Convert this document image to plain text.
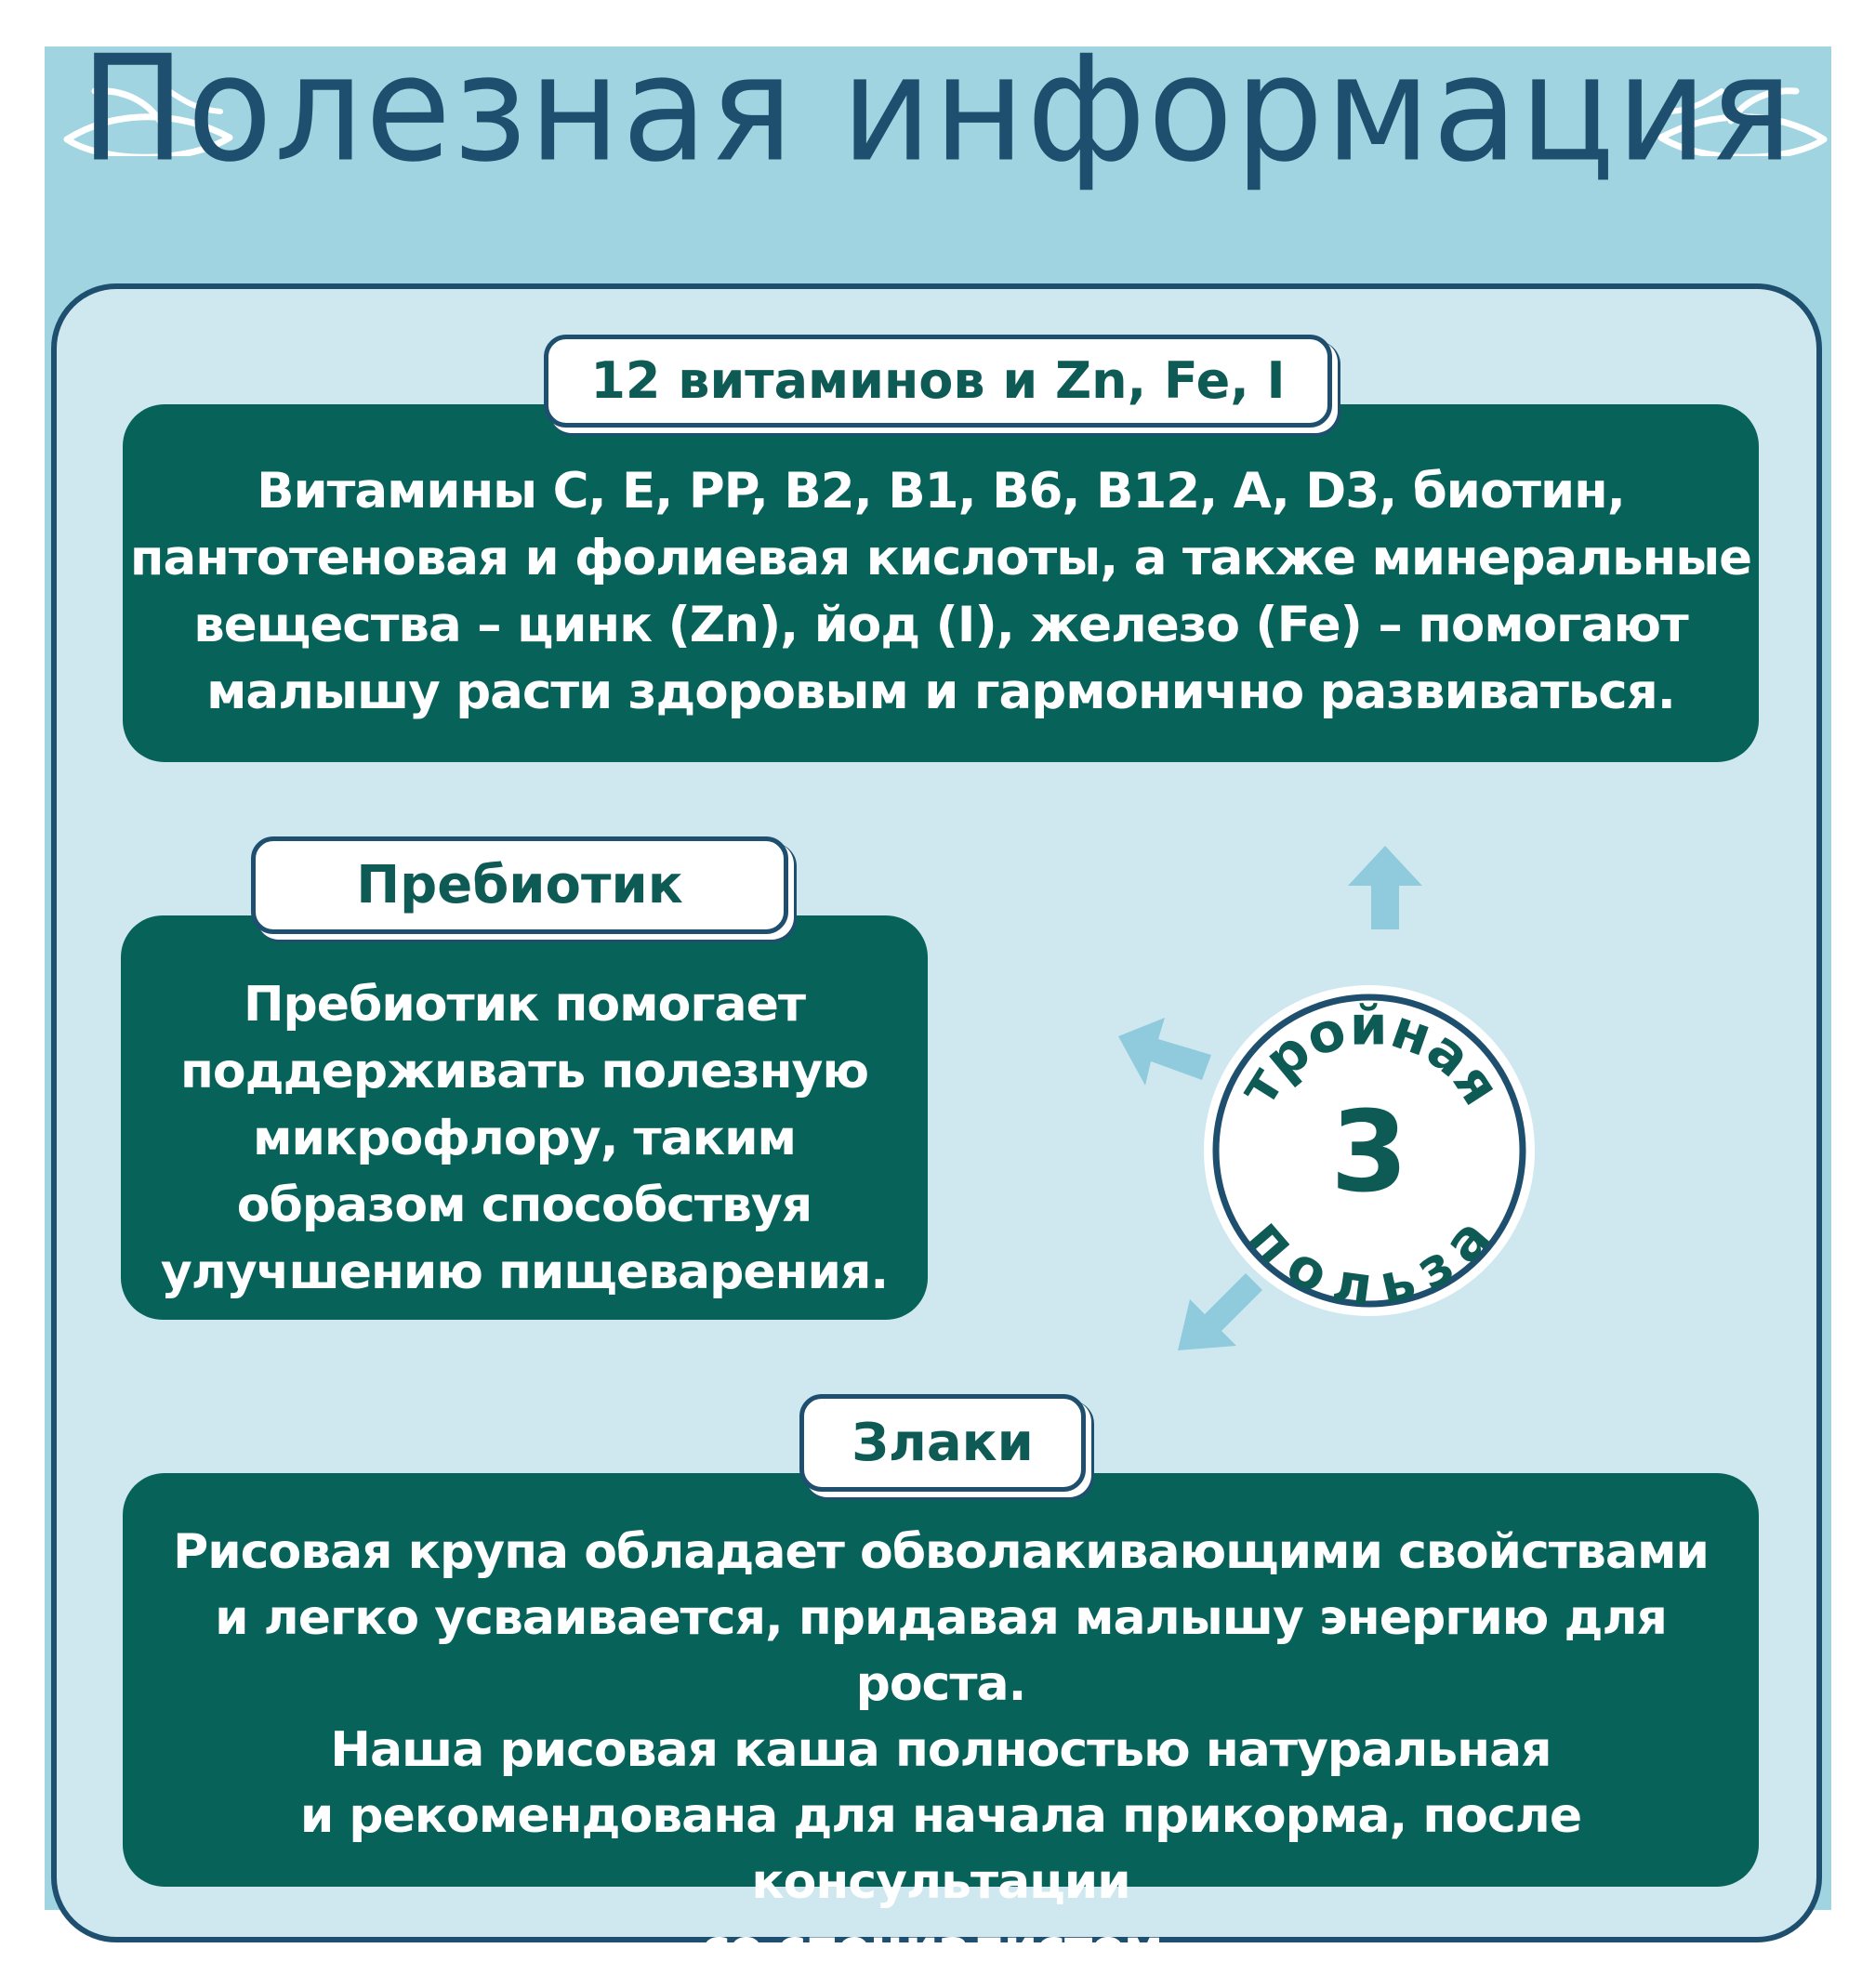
Полезная информация
Витамины C, E, PP, B2, B1, B6, B12, A, D3, биотин,
пантотеновая и фолиевая кислоты, а также минеральные
вещества – цинк (Zn), йод (I), железо (Fe) – помогают
малышу расти здоровым и гармонично развиваться.
12 витаминов и Zn, Fe, I
Пребиотик помогает
поддерживать полезную
микрофлору, таким
образом способствуя
улучшению пищеварения.
Пребиотик
Рисовая крупа обладает обволакивающими свойствами
и легко усваивается, придавая малышу энергию для роста.
Наша рисовая каша полностью натуральная
и рекомендована для начала прикорма, после консультации
со специалистом.
Злаки
тройная
3
польза
